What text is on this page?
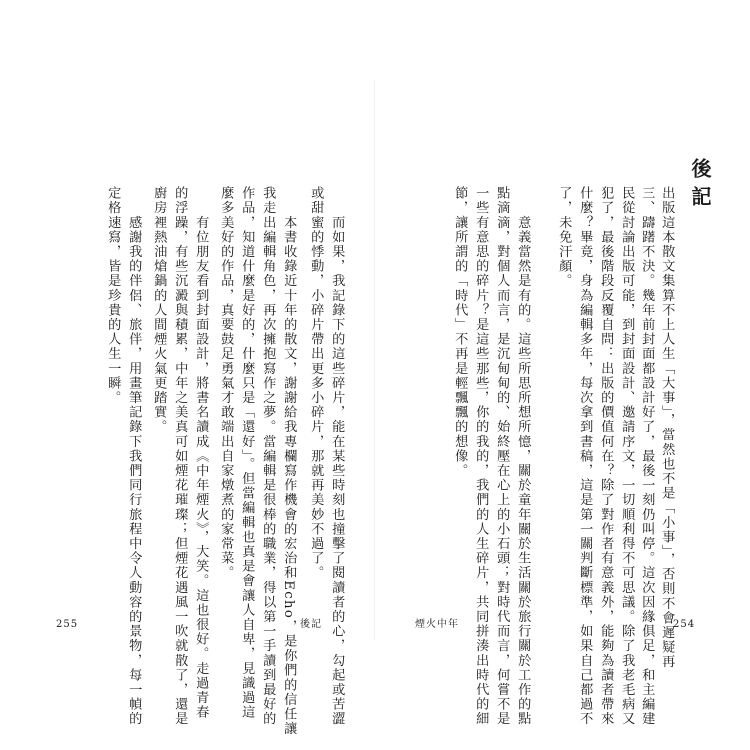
後記
出版這本散文集算不上人生「大事」，當然也不是「小事」，否則不會遲疑再
三、躊躇不決。幾年前封面都設計好了，最後一刻仍叫停。這次因緣俱足，和主編建
民從討論出版可能，到封面設計、邀請序文，一切順利得不可思議。除了我老毛病又
犯了，最後階段反覆自問：出版的價值何在？除了對作者有意義外，能夠為讀者帶來
什麼？畢竟，身為編輯多年，每次拿到書稿，這是第一關判斷標準，如果自己都過不
了，未免汗顏。
　　意義當然是有的。這些所思所想所憶，關於童年關於生活關於旅行關於工作的點
點滴滴，對個人而言，是沉甸甸的、始終壓在心上的小石頭；對時代而言，何嘗不是
一些有意思的碎片？是這些那些，你的我的，我們的人生碎片，共同拼湊出時代的細
節，讓所謂的「時代」不再是輕飄飄的想像。
煙火中年	254
　　而如果，我記錄下的這些碎片，能在某些時刻也撞擊了閱讀者的心，勾起或苦澀
或甜蜜的悸動，小碎片帶出更多小碎片，那就再美妙不過了。
　　本書收錄近十年的散文，謝謝給我專欄寫作機會的宏治和Echo，是你們的信任讓
我走出編輯角色，再次擁抱寫作之夢。當編輯是很棒的職業，得以第一手讀到最好的
作品，知道什麼是好的，什麼只是「還好」。但當編輯也真是會讓人自卑，見識過這
麼多美好的作品，真要鼓足勇氣才敢端出自家燉煮的家常菜。
　　有位朋友看到封面設計，將書名讀成《中年煙火》，大笑。這也很好。走過青春
的浮躁，有些沉澱與積累，中年之美真可如煙花璀璨；但煙花遇風一吹就散了，還是
廚房裡熱油熗鍋的人間煙火氣更踏實。
　　感謝我的伴侶、旅伴，用畫筆記錄下我們同行旅程中令人動容的景物，每一幀的
定格速寫，皆是珍貴的人生一瞬。
255	後記
